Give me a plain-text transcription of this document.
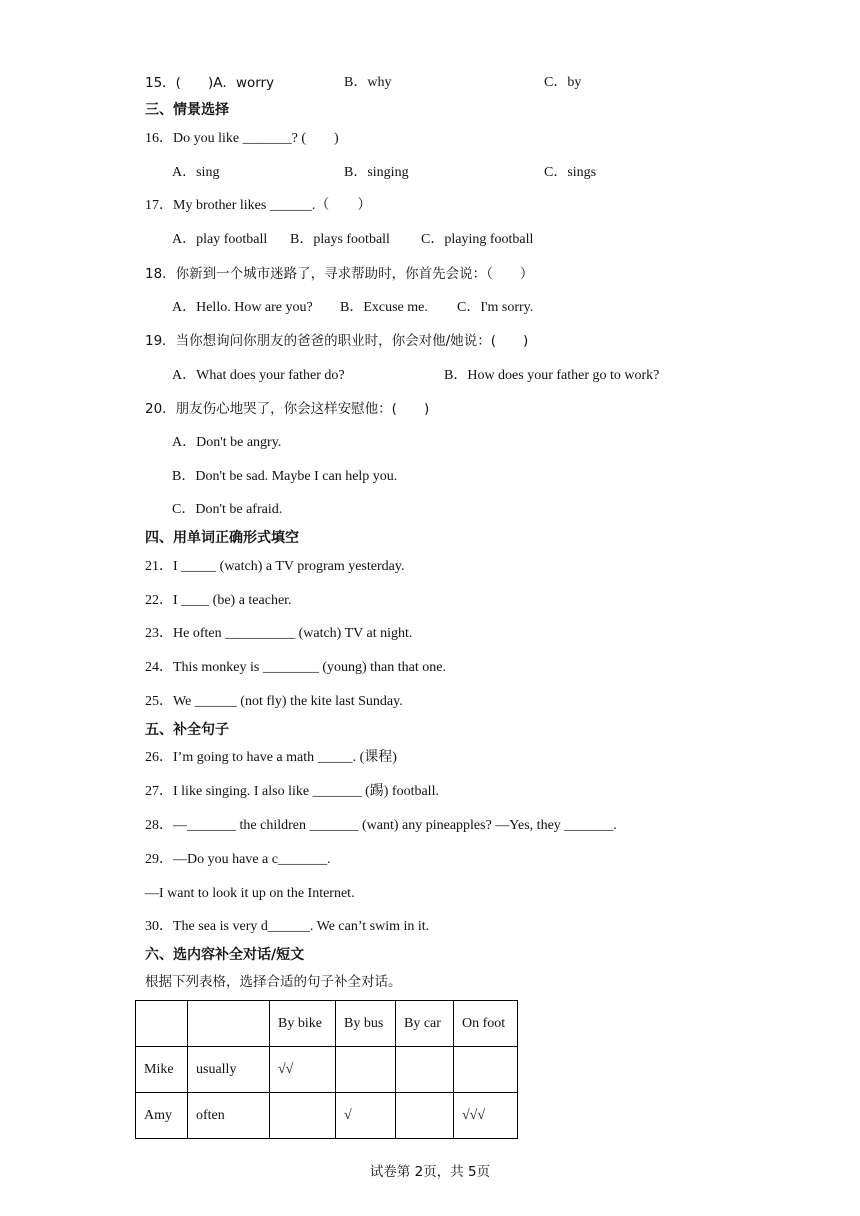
15．(　　)A．worry	B．why	C．by
三、情景选择
16．Do you like _______? (　　)
A．sing	B．singing	C．sings
17．My brother likes ______.（　　）
A．play football B．plays football C．playing football
18．你新到一个城市迷路了，寻求帮助时，你首先会说：（　　）
A．Hello. How are you? B．Excuse me. C．I'm sorry.
19．当你想询问你朋友的爸爸的职业时，你会对他/她说：(　　)
A．What does your father do?	B．How does your father go to work?
20．朋友伤心地哭了，你会这样安慰他：(　　)
A．Don't be angry.
B．Don't be sad. Maybe I can help you.
C．Don't be afraid.
四、用单词正确形式填空
21．I _____ (watch) a TV program yesterday.
22．I ____ (be) a teacher.
23．He often __________ (watch) TV at night.
24．This monkey is ________ (young) than that one.
25．We ______ (not fly) the kite last Sunday.
五、补全句子
26．I’m going to have a math _____. (课程)
27．I like singing. I also like _______ (踢) football.
28．—_______ the children _______ (want) any pineapples? —Yes, they _______.
29．—Do you have a c_______.
—I want to look it up on the Internet.
30．The sea is very d______. We can’t swim in it.
六、选内容补全对话/短文
根据下列表格，选择合适的句子补全对话。
		By bike	By bus	By car	On foot
Mike	usually	√√			
Amy	often		√		√√√
试卷第 2页，共 5页
